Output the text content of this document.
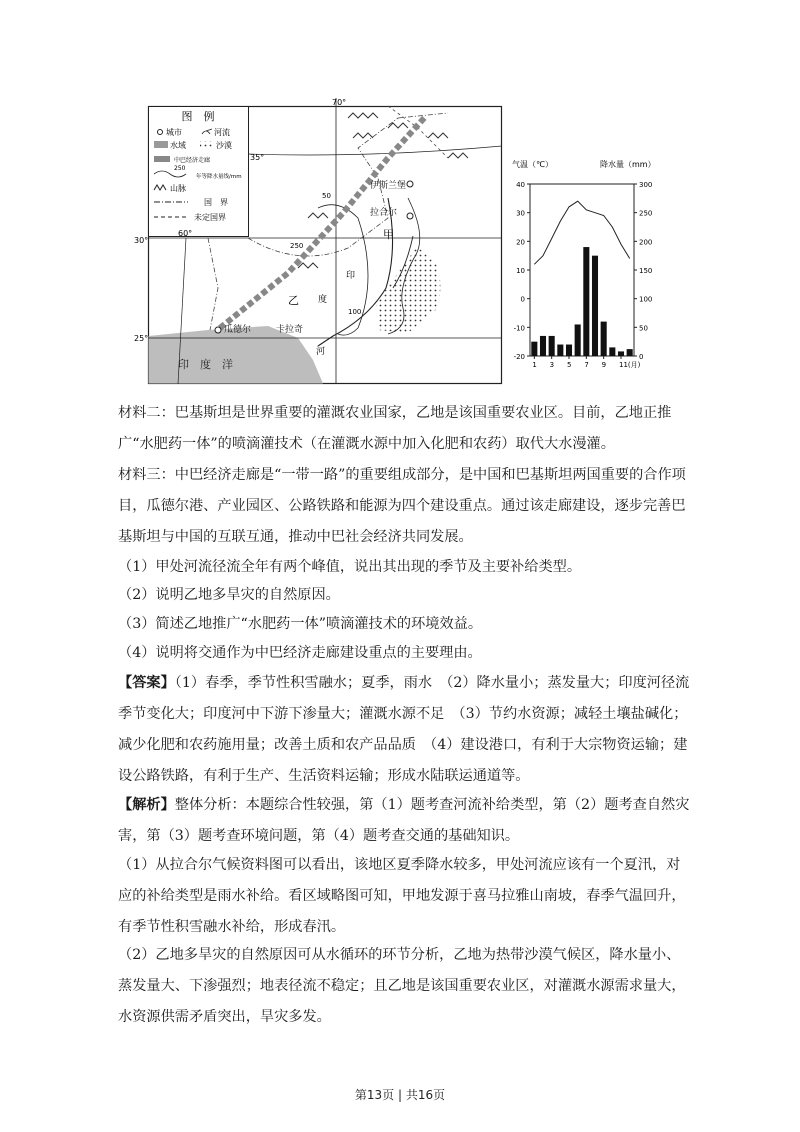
图　例
城市	河流
水域	沙漠
中巴经济走廊
250
年等降水量线/mm
山脉
国　界
未定国界
70°
35°
30°
60°
25°
伊斯兰堡
拉合尔
瓜德尔	卡拉奇
甲
乙
250
50
100
印
度
河
印　度　洋
气温（℃）	降水量（mm）
40
30
20
10
0
-10
-20
300
250
200
150
100
50
0
1 3 5 7 9 11(月)
材料二：巴基斯坦是世界重要的灌溉农业国家，乙地是该国重要农业区。目前，乙地正推广“水肥药一体”的喷滴灌技术（在灌溉水源中加入化肥和农药）取代大水漫灌。
材料三：中巴经济走廊是“一带一路”的重要组成部分，是中国和巴基斯坦两国重要的合作项目，瓜德尔港、产业园区、公路铁路和能源为四个建设重点。通过该走廊建设，逐步完善巴基斯坦与中国的互联互通，推动中巴社会经济共同发展。
（1）甲处河流径流全年有两个峰值，说出其出现的季节及主要补给类型。
（2）说明乙地多旱灾的自然原因。
（3）简述乙地推广“水肥药一体”喷滴灌技术的环境效益。
（4）说明将交通作为中巴经济走廊建设重点的主要理由。
【答案】（1）春季，季节性积雪融水；夏季，雨水　（2）降水量小；蒸发量大；印度河径流季节变化大；印度河中下游下渗量大；灌溉水源不足　（3）节约水资源；减轻土壤盐碱化；减少化肥和农药施用量；改善土质和农产品品质　（4）建设港口，有利于大宗物资运输；建设公路铁路，有利于生产、生活资料运输；形成水陆联运通道等。
【解析】整体分析：本题综合性较强，第（1）题考查河流补给类型，第（2）题考查自然灾害，第（3）题考查环境问题，第（4）题考查交通的基础知识。
（1）从拉合尔气候资料图可以看出，该地区夏季降水较多，甲处河流应该有一个夏汛，对应的补给类型是雨水补给。看区域略图可知，甲地发源于喜马拉雅山南坡，春季气温回升，有季节性积雪融水补给，形成春汛。
（2）乙地多旱灾的自然原因可从水循环的环节分析，乙地为热带沙漠气候区，降水量小、蒸发量大、下渗强烈；地表径流不稳定；且乙地是该国重要农业区，对灌溉水源需求量大，水资源供需矛盾突出，旱灾多发。
第13页 | 共16页
